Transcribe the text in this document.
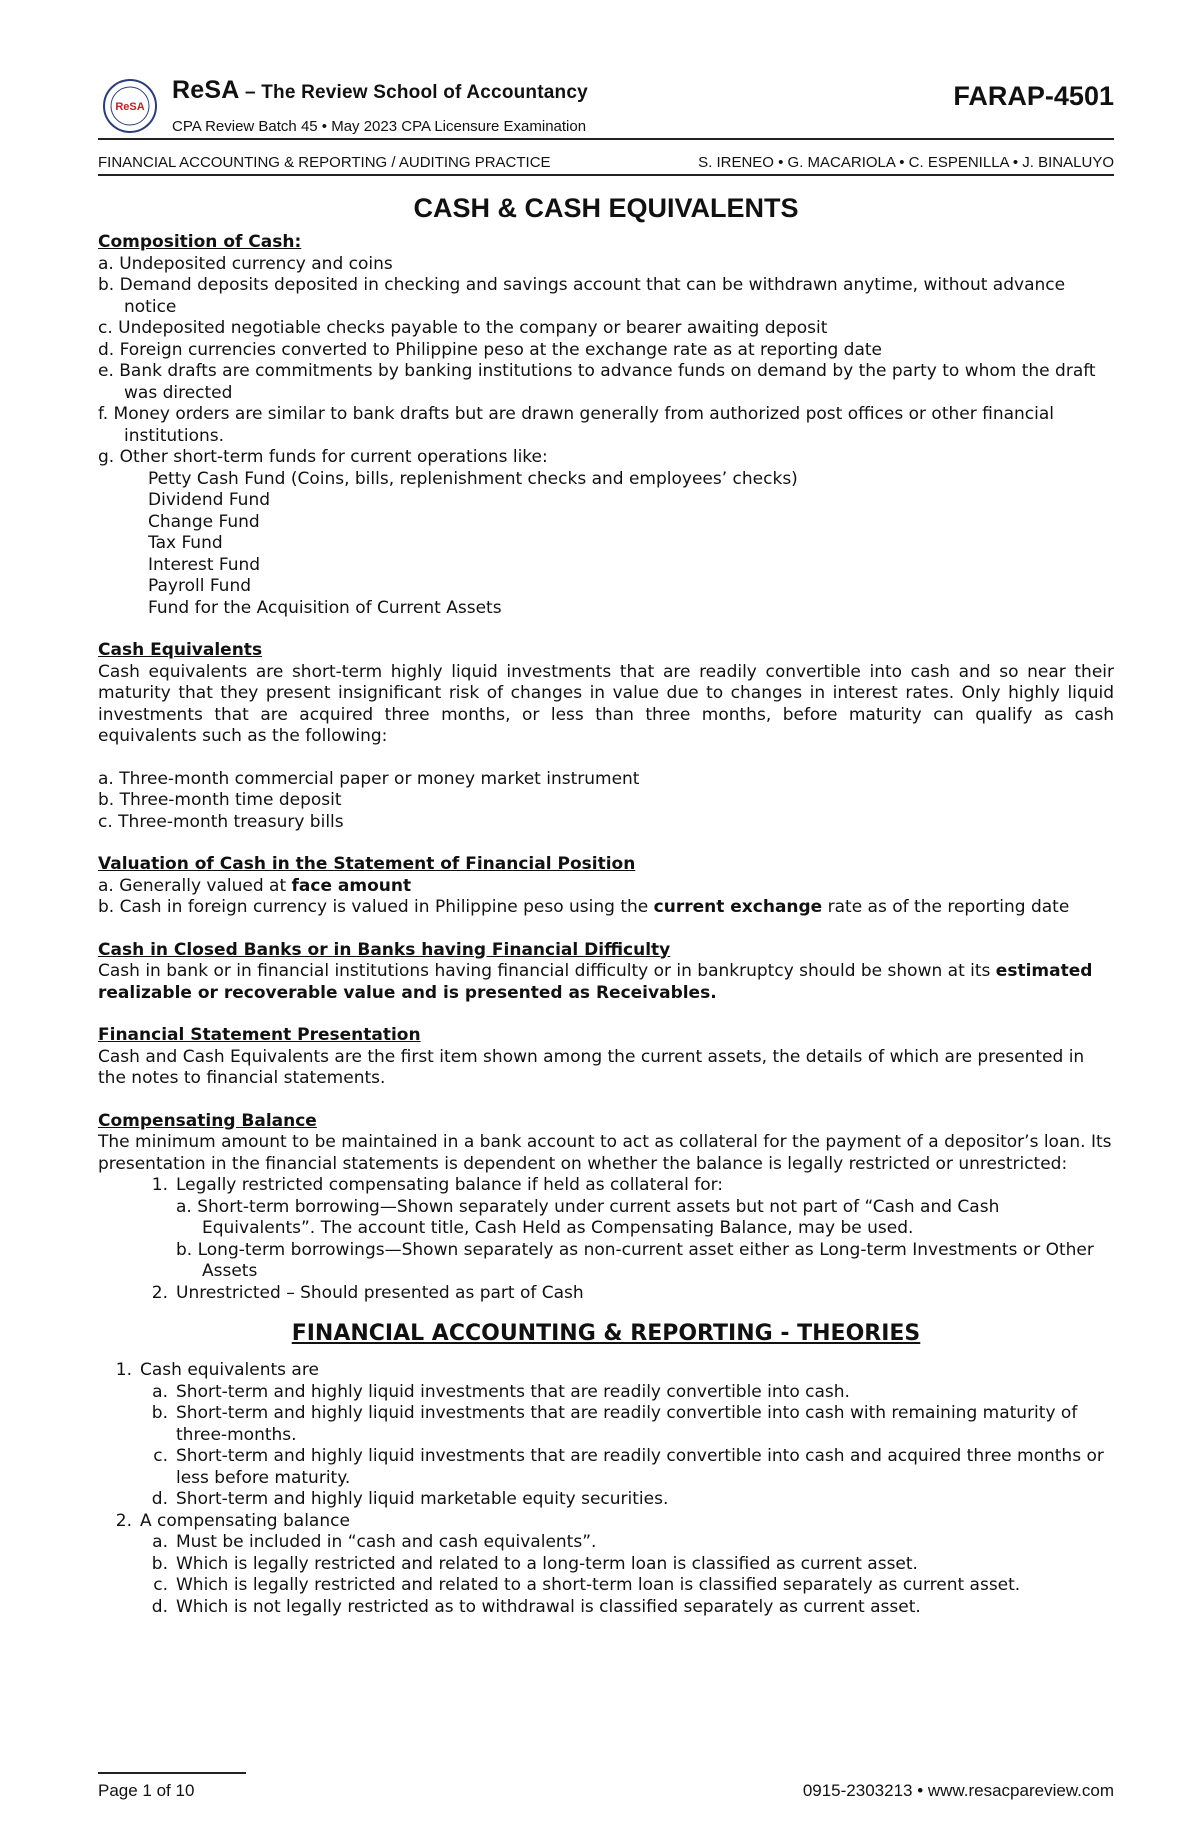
ReSA
ReSA – The Review School of Accountancy
CPA Review Batch 45 • May 2023 CPA Licensure Examination
FARAP-4501
FINANCIAL ACCOUNTING & REPORTING / AUDITING PRACTICE	S. IRENEO • G. MACARIOLA • C. ESPENILLA • J. BINALUYO
CASH & CASH EQUIVALENTS

Composition of Cash:

a. Undeposited currency and coins

b. Demand deposits deposited in checking and savings account that can be withdrawn anytime, without advance notice

c. Undeposited negotiable checks payable to the company or bearer awaiting deposit

d. Foreign currencies converted to Philippine peso at the exchange rate as at reporting date

e. Bank drafts are commitments by banking institutions to advance funds on demand by the party to whom the draft was directed

f. Money orders are similar to bank drafts but are drawn generally from authorized post offices or other financial institutions.

g. Other short-term funds for current operations like:

Petty Cash Fund (Coins, bills, replenishment checks and employees’ checks)

Dividend Fund

Change Fund

Tax Fund

Interest Fund

Payroll Fund

Fund for the Acquisition of Current Assets

Cash Equivalents

Cash equivalents are short-term highly liquid investments that are readily convertible into cash and so near their maturity that they present insignificant risk of changes in value due to changes in interest rates. Only highly liquid investments that are acquired three months, or less than three months, before maturity can qualify as cash equivalents such as the following:

a. Three-month commercial paper or money market instrument

b. Three-month time deposit

c. Three-month treasury bills

Valuation of Cash in the Statement of Financial Position

a. Generally valued at face amount

b. Cash in foreign currency is valued in Philippine peso using the current exchange rate as of the reporting date

Cash in Closed Banks or in Banks having Financial Difficulty

Cash in bank or in financial institutions having financial difficulty or in bankruptcy should be shown at its estimated realizable or recoverable value and is presented as Receivables.

Financial Statement Presentation

Cash and Cash Equivalents are the first item shown among the current assets, the details of which are presented in the notes to financial statements.

Compensating Balance

The minimum amount to be maintained in a bank account to act as collateral for the payment of a depositor’s loan. Its presentation in the financial statements is dependent on whether the balance is legally restricted or unrestricted:

1. Legally restricted compensating balance if held as collateral for:

a. Short-term borrowing—Shown separately under current assets but not part of “Cash and Cash Equivalents”. The account title, Cash Held as Compensating Balance, may be used.

b. Long-term borrowings—Shown separately as non-current asset either as Long-term Investments or Other Assets

2. Unrestricted – Should presented as part of Cash
FINANCIAL ACCOUNTING & REPORTING - THEORIES
1. Cash equivalents are
a. Short-term and highly liquid investments that are readily convertible into cash.
b. Short-term and highly liquid investments that are readily convertible into cash with remaining maturity of three-months.
c. Short-term and highly liquid investments that are readily convertible into cash and acquired three months or less before maturity.
d. Short-term and highly liquid marketable equity securities.
2. A compensating balance
a. Must be included in “cash and cash equivalents”.
b. Which is legally restricted and related to a long-term loan is classified as current asset.
c. Which is legally restricted and related to a short-term loan is classified separately as current asset.
d. Which is not legally restricted as to withdrawal is classified separately as current asset.
Page 1 of 10	0915-2303213 • www.resacpareview.com
